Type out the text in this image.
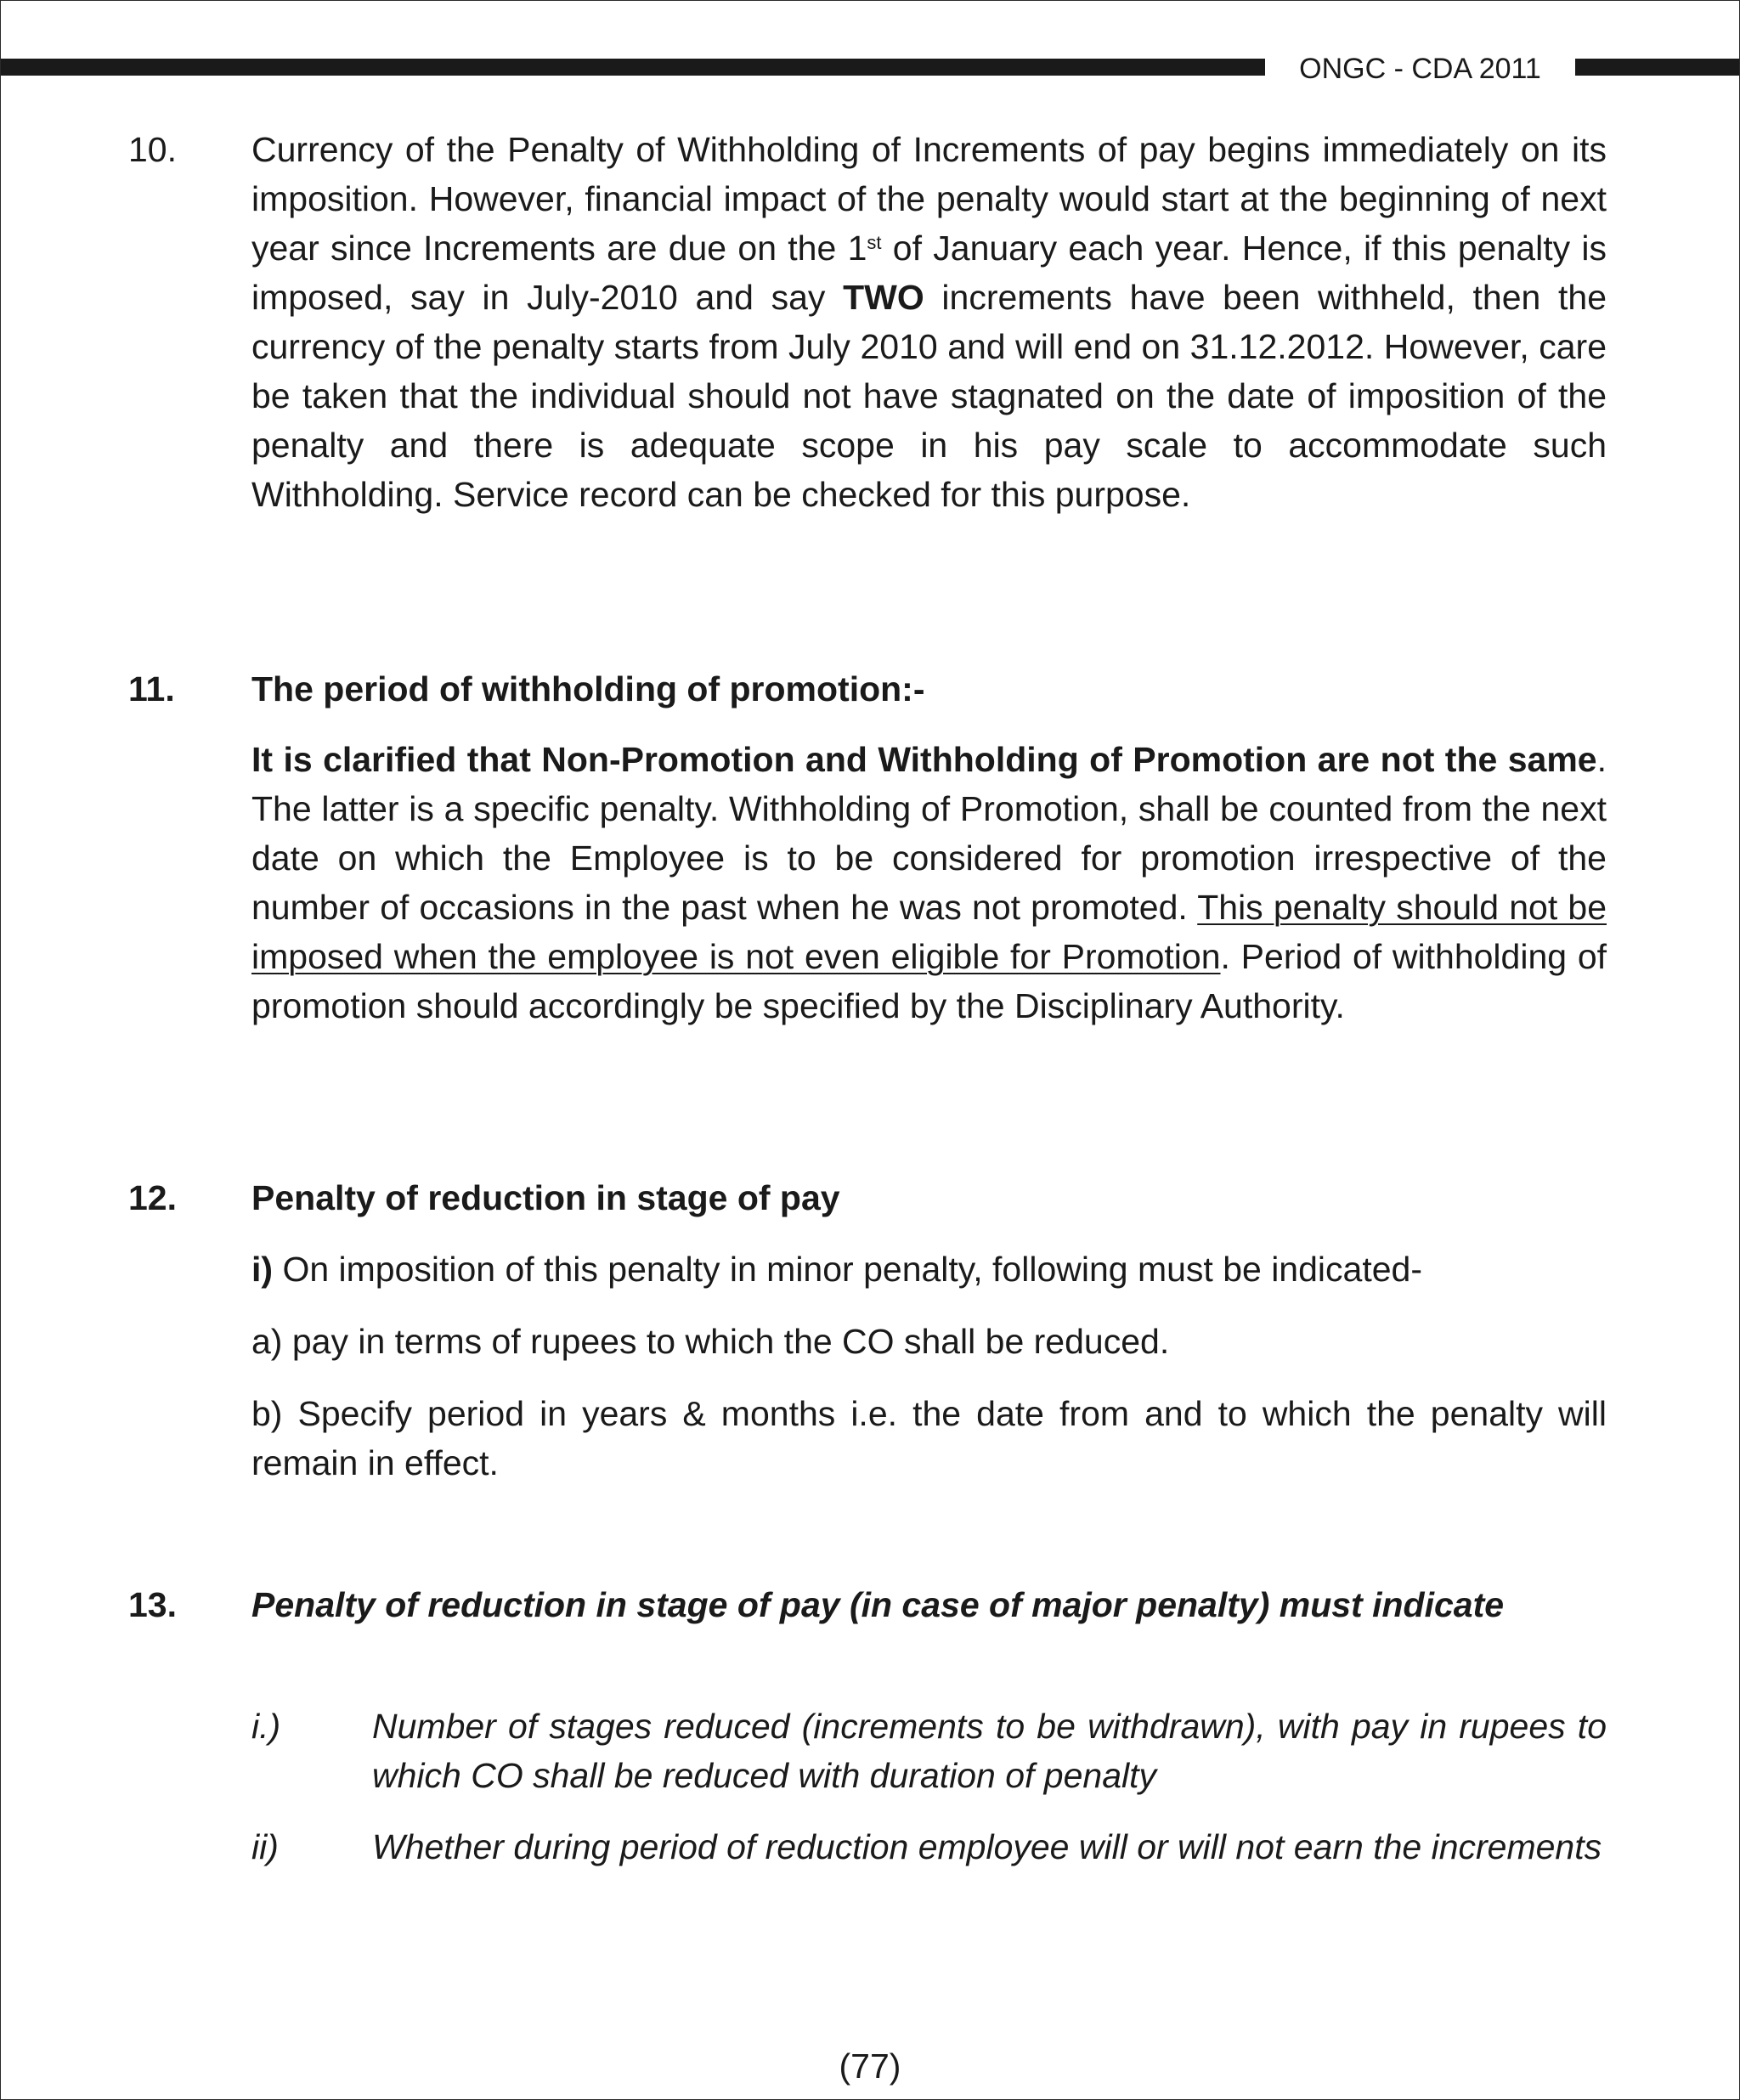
ONGC - CDA 2011
10. Currency of the Penalty of Withholding of Increments of pay begins immediately on its imposition. However, financial impact of the penalty would start at the beginning of next year since Increments are due on the 1st of January each year. Hence, if this penalty is imposed, say in July-2010 and say TWO increments have been withheld, then the currency of the penalty starts from July 2010 and will end on 31.12.2012. However, care be taken that the individual should not have stagnated on the date of imposition of the penalty and there is adequate scope in his pay scale to accommodate such Withholding. Service record can be checked for this purpose.

11. The period of withholding of promotion:-

It is clarified that Non-Promotion and Withholding of Promotion are not the same. The latter is a specific penalty. Withholding of Promotion, shall be counted from the next date on which the Employee is to be considered for promotion irrespective of the number of occasions in the past when he was not promoted. This penalty should not be imposed when the employee is not even eligible for Promotion. Period of withholding of promotion should accordingly be specified by the Disciplinary Authority.

12. Penalty of reduction in stage of pay

i) On imposition of this penalty in minor penalty, following must be indicated-

a) pay in terms of rupees to which the CO shall be reduced.

b) Specify period in years & months i.e. the date from and to which the penalty will remain in effect.

13. Penalty of reduction in stage of pay (in case of major penalty) must indicate

i.)	Number of stages reduced (increments to be withdrawn), with pay in rupees to which CO shall be reduced with duration of penalty

ii)	Whether during period of reduction employee will or will not earn the increments

(77)
